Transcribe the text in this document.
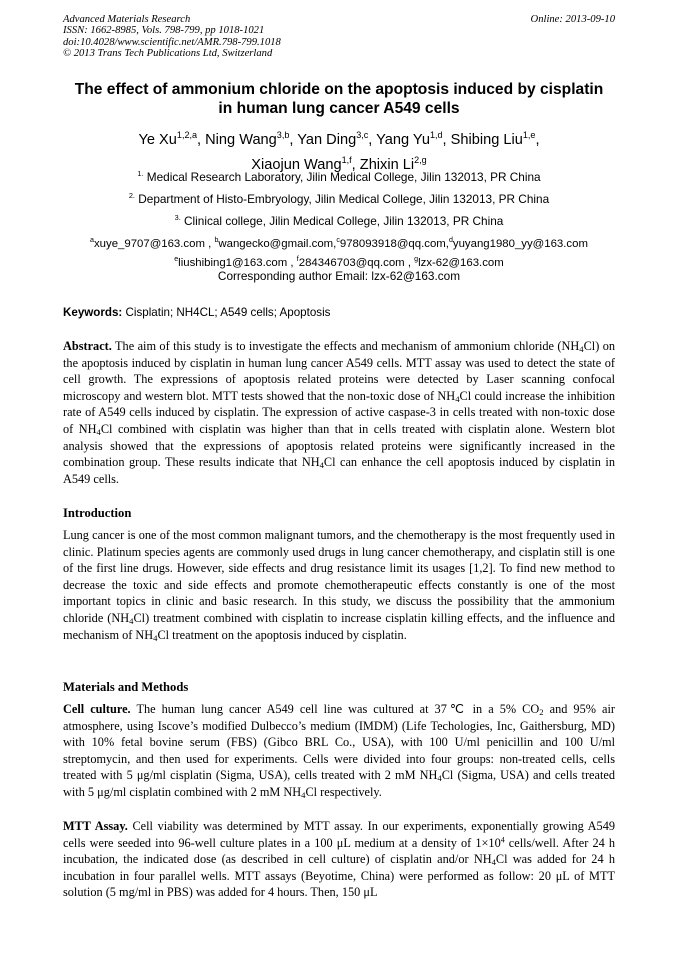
Advanced Materials Research
ISSN: 1662-8985, Vols. 798-799, pp 1018-1021
doi:10.4028/www.scientific.net/AMR.798-799.1018
© 2013 Trans Tech Publications Ltd, Switzerland
Online: 2013-09-10
The effect of ammonium chloride on the apoptosis induced by cisplatin
in human lung cancer A549 cells
Ye Xu$^{1,2,a}$, Ning Wang$^{3,b}$, Yan Ding$^{3,c}$, Yang Yu$^{1,d}$, Shibing Liu$^{1,e}$,
Xiaojun Wang$^{1,f}$, Zhixin Li$^{2,g}$
$^{1.}$ Medical Research Laboratory, Jilin Medical College, Jilin 132013, PR China
$^{2.}$ Department of Histo-Embryology, Jilin Medical College, Jilin 132013, PR China
$^{3.}$ Clinical college, Jilin Medical College, Jilin 132013, PR China
$^a$xuye_9707@163.com , $^b$wangecko@gmail.com,$^c$978093918@qq.com,$^d$yuyang1980_yy@163.com
$^e$liushibing1@163.com , $^f$284346703@qq.com , $^g$lzx-62@163.com
Corresponding author Email: lzx-62@163.com
Keywords: Cisplatin; NH4CL; A549 cells; Apoptosis
Abstract. The aim of this study is to investigate the effects and mechanism of ammonium chloride $(NH_4Cl)$ on the apoptosis induced by cisplatin in human lung cancer A549 cells. MTT assay was used to detect the state of cell growth. The expressions of apoptosis related proteins were detected by Laser scanning confocal microscopy and western blot. MTT tests showed that the non-toxic dose of $NH_4Cl$ could increase the inhibition rate of A549 cells induced by cisplatin. The expression of active caspase-3 in cells treated with non-toxic dose of $NH_4Cl$ combined with cisplatin was higher than that in cells treated with cisplatin alone. Western blot analysis showed that the expressions of apoptosis related proteins were significantly increased in the combination group. These results indicate that $NH_4Cl$ can enhance the cell apoptosis induced by cisplatin in A549 cells.
Introduction
Lung cancer is one of the most common malignant tumors, and the chemotherapy is the most frequently used in clinic. Platinum species agents are commonly used drugs in lung cancer chemotherapy, and cisplatin still is one of the first line drugs. However, side effects and drug resistance limit its usages [1,2]. To find new method to decrease the toxic and side effects and promote chemotherapeutic effects constantly is one of the most important topics in clinic and basic research. In this study, we discuss the possibility that the ammonium chloride $(NH_4Cl)$ treatment combined with cisplatin to increase cisplatin killing effects, and the influence and mechanism of $NH_4Cl$ treatment on the apoptosis induced by cisplatin.
Materials and Methods
Cell culture. The human lung cancer A549 cell line was cultured at 37℃ in a 5% $CO_2$ and 95% air atmosphere, using Iscove’s modified Dulbecco’s medium (IMDM) (Life Techologies, Inc, Gaithersburg, MD) with 10% fetal bovine serum (FBS) (Gibco BRL Co., USA), with 100 U/ml penicillin and 100 U/ml streptomycin, and then used for experiments. Cells were divided into four groups: non-treated cells, cells treated with 5 μg/ml cisplatin (Sigma, USA), cells treated with 2 mM $NH_4Cl$ (Sigma, USA) and cells treated with 5 μg/ml cisplatin combined with 2 mM $NH_4Cl$ respectively.
MTT Assay. Cell viability was determined by MTT assay. In our experiments, exponentially growing A549 cells were seeded into 96-well culture plates in a 100 μL medium at a density of $1\times 10^4$ cells/well. After 24 h incubation, the indicated dose (as described in cell culture) of cisplatin and/or $NH_4Cl$ was added for 24 h incubation in four parallel wells. MTT assays (Beyotime, China) were performed as follow: 20 μL of MTT solution (5 mg/ml in PBS) was added for 4 hours. Then, 150 μL
